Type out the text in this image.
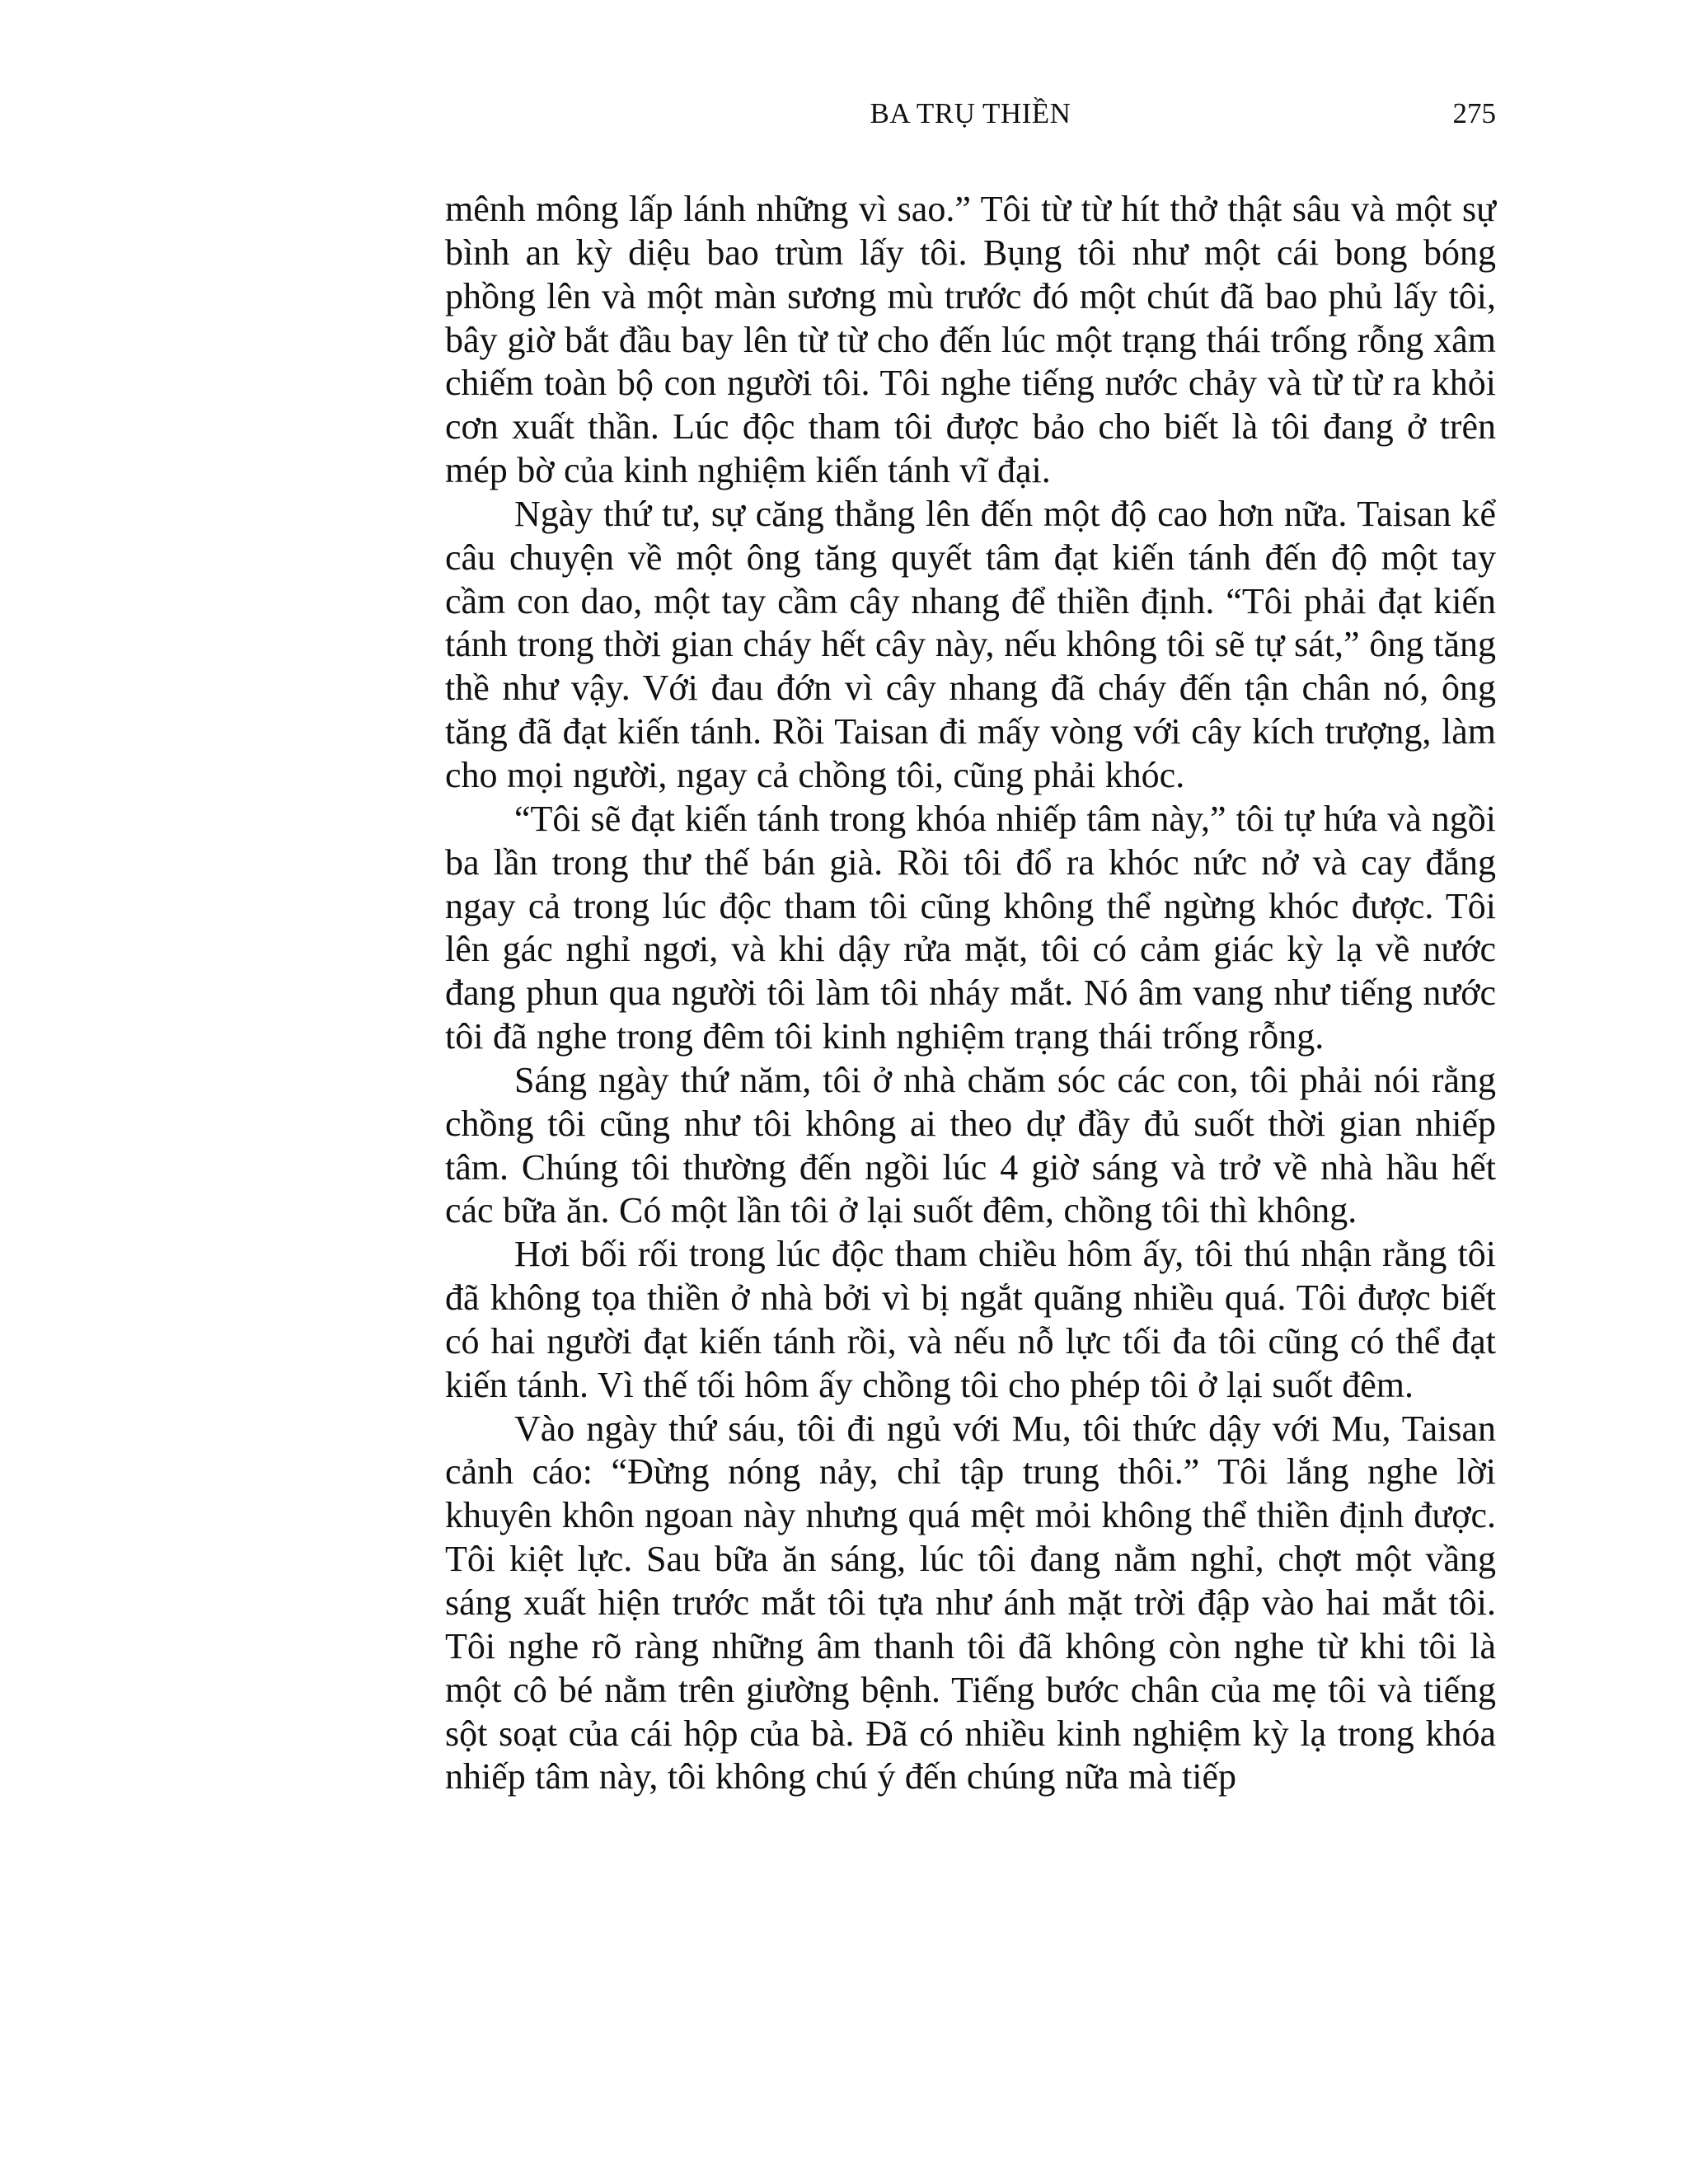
BA TRỤ THIỀN	275

mênh mông lấp lánh những vì sao.” Tôi từ từ hít thở thật sâu và một sự bình an kỳ diệu bao trùm lấy tôi. Bụng tôi như một cái bong bóng phồng lên và một màn sương mù trước đó một chút đã bao phủ lấy tôi, bây giờ bắt đầu bay lên từ từ cho đến lúc một trạng thái trống rỗng xâm chiếm toàn bộ con người tôi. Tôi nghe tiếng nước chảy và từ từ ra khỏi cơn xuất thần. Lúc độc tham tôi được bảo cho biết là tôi đang ở trên mép bờ của kinh nghiệm kiến tánh vĩ đại.

Ngày thứ tư, sự căng thẳng lên đến một độ cao hơn nữa. Taisan kể câu chuyện về một ông tăng quyết tâm đạt kiến tánh đến độ một tay cầm con dao, một tay cầm cây nhang để thiền định. “Tôi phải đạt kiến tánh trong thời gian cháy hết cây này, nếu không tôi sẽ tự sát,” ông tăng thề như vậy. Với đau đớn vì cây nhang đã cháy đến tận chân nó, ông tăng đã đạt kiến tánh. Rồi Taisan đi mấy vòng với cây kích trượng, làm cho mọi người, ngay cả chồng tôi, cũng phải khóc.

“Tôi sẽ đạt kiến tánh trong khóa nhiếp tâm này,” tôi tự hứa và ngồi ba lần trong thư thế bán già. Rồi tôi đổ ra khóc nức nở và cay đắng ngay cả trong lúc độc tham tôi cũng không thể ngừng khóc được. Tôi lên gác nghỉ ngơi, và khi dậy rửa mặt, tôi có cảm giác kỳ lạ về nước đang phun qua người tôi làm tôi nháy mắt. Nó âm vang như tiếng nước tôi đã nghe trong đêm tôi kinh nghiệm trạng thái trống rỗng.

Sáng ngày thứ năm, tôi ở nhà chăm sóc các con, tôi phải nói rằng chồng tôi cũng như tôi không ai theo dự đầy đủ suốt thời gian nhiếp tâm. Chúng tôi thường đến ngồi lúc 4 giờ sáng và trở về nhà hầu hết các bữa ăn. Có một lần tôi ở lại suốt đêm, chồng tôi thì không.

Hơi bối rối trong lúc độc tham chiều hôm ấy, tôi thú nhận rằng tôi đã không tọa thiền ở nhà bởi vì bị ngắt quãng nhiều quá. Tôi được biết có hai người đạt kiến tánh rồi, và nếu nỗ lực tối đa tôi cũng có thể đạt kiến tánh. Vì thế tối hôm ấy chồng tôi cho phép tôi ở lại suốt đêm.

Vào ngày thứ sáu, tôi đi ngủ với Mu, tôi thức dậy với Mu, Taisan cảnh cáo: “Đừng nóng nảy, chỉ tập trung thôi.” Tôi lắng nghe lời khuyên khôn ngoan này nhưng quá mệt mỏi không thể thiền định được. Tôi kiệt lực. Sau bữa ăn sáng, lúc tôi đang nằm nghỉ, chợt một vầng sáng xuất hiện trước mắt tôi tựa như ánh mặt trời đập vào hai mắt tôi. Tôi nghe rõ ràng những âm thanh tôi đã không còn nghe từ khi tôi là một cô bé nằm trên giường bệnh. Tiếng bước chân của mẹ tôi và tiếng sột soạt của cái hộp của bà. Đã có nhiều kinh nghiệm kỳ lạ trong khóa nhiếp tâm này, tôi không chú ý đến chúng nữa mà tiếp
